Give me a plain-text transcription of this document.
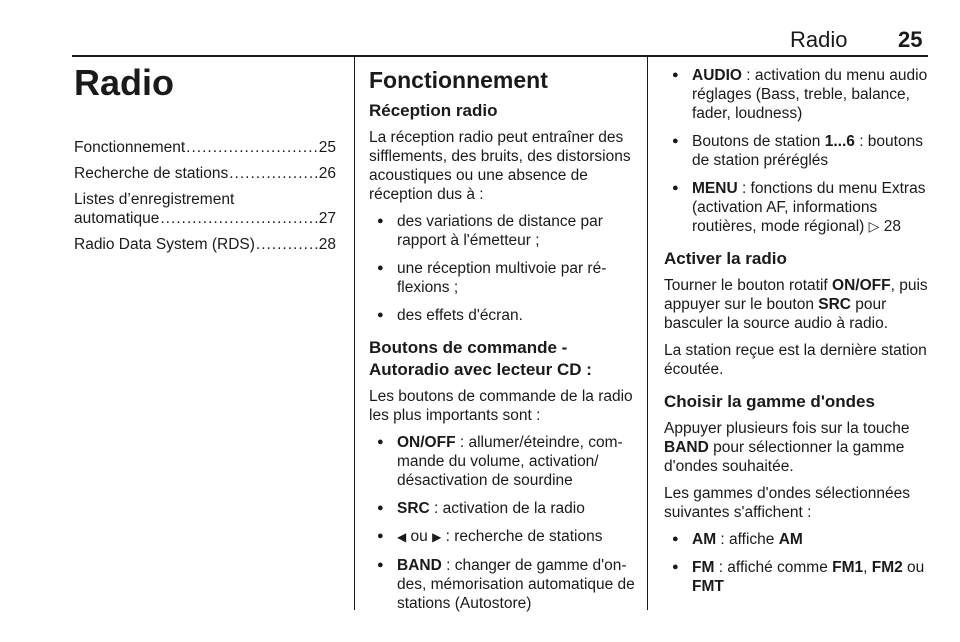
Radio 25
Radio
Fonctionnement .....	25
Recherche de stations .....	26
Listes d’enregistrement
automatique .....	27
Radio Data System (RDS) .....	28
Fonctionnement
Réception radio

La réception radio peut entraîner des sifflements, des bruits, des distorsions acoustiques ou une absence de réception dus à :

● des variations de distance par rapport à l'émetteur ;
● une réception multivoie par réflexions ;
● des effets d'écran.
Boutons de commande -
Autoradio avec lecteur CD :

Les boutons de commande de la radio les plus importants sont :

● ON/OFF : allumer/éteindre, commande du volume, activation/ désactivation de sourdine
● SRC : activation de la radio
● ◀ ou ▶ : recherche de stations
● BAND : changer de gamme d'ondes, mémorisation automatique de stations (Autostore)
● AUDIO : activation du menu audio réglages (Bass, treble, balance, fader, loudness)
● Boutons de station 1...6 : boutons de station préréglés
● MENU : fonctions du menu Extras (activation AF, informations routières, mode régional) ▷ 28
Activer la radio

Tourner le bouton rotatif ON/OFF, puis appuyer sur le bouton SRC pour basculer la source audio à radio.

La station reçue est la dernière station écoutée.

Choisir la gamme d'ondes

Appuyer plusieurs fois sur la touche BAND pour sélectionner la gamme d'ondes souhaitée.

Les gammes d'ondes sélectionnées suivantes s'affichent :

● AM : affiche AM
● FM : affiché comme FM1, FM2 ou FMT
